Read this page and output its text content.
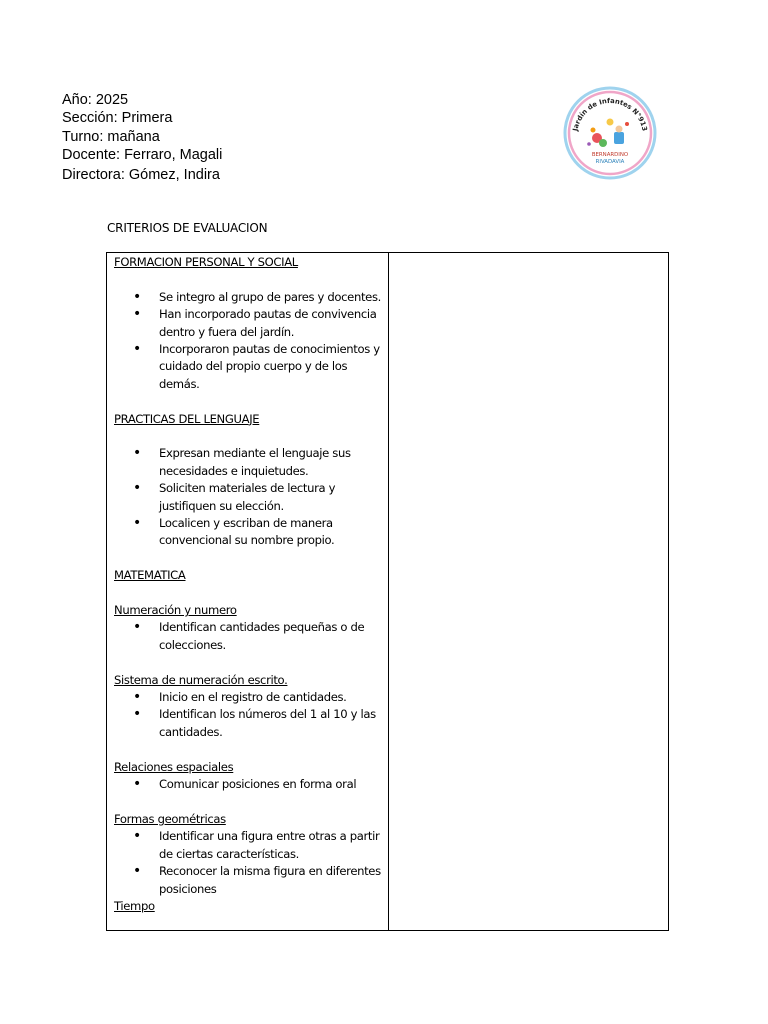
Año: 2025
Sección: Primera
Turno: mañana
Docente: Ferraro, Magali
Directora: Gómez, Indira
Jardín de Infantes N°913
BERNARDINO
RIVADAVIA
CRITERIOS DE EVALUACION
FORMACION PERSONAL Y SOCIAL
• Se integro al grupo de pares y docentes.
• Han incorporado pautas de convivencia dentro y fuera del jardín.
• Incorporaron pautas de conocimientos y cuidado del propio cuerpo y de los demás.
PRACTICAS DEL LENGUAJE
• Expresan mediante el lenguaje sus necesidades e inquietudes.
• Soliciten materiales de lectura y justifiquen su elección.
• Localicen y escriban de manera convencional su nombre propio.
MATEMATICA
Numeración y numero
• Identifican cantidades pequeñas o de colecciones.
Sistema de numeración escrito.
• Inicio en el registro de cantidades.
• Identifican los números del 1 al 10 y las cantidades.
Relaciones espaciales
• Comunicar posiciones en forma oral
Formas geométricas
• Identificar una figura entre otras a partir de ciertas características.
• Reconocer la misma figura en diferentes posiciones
Tiempo
